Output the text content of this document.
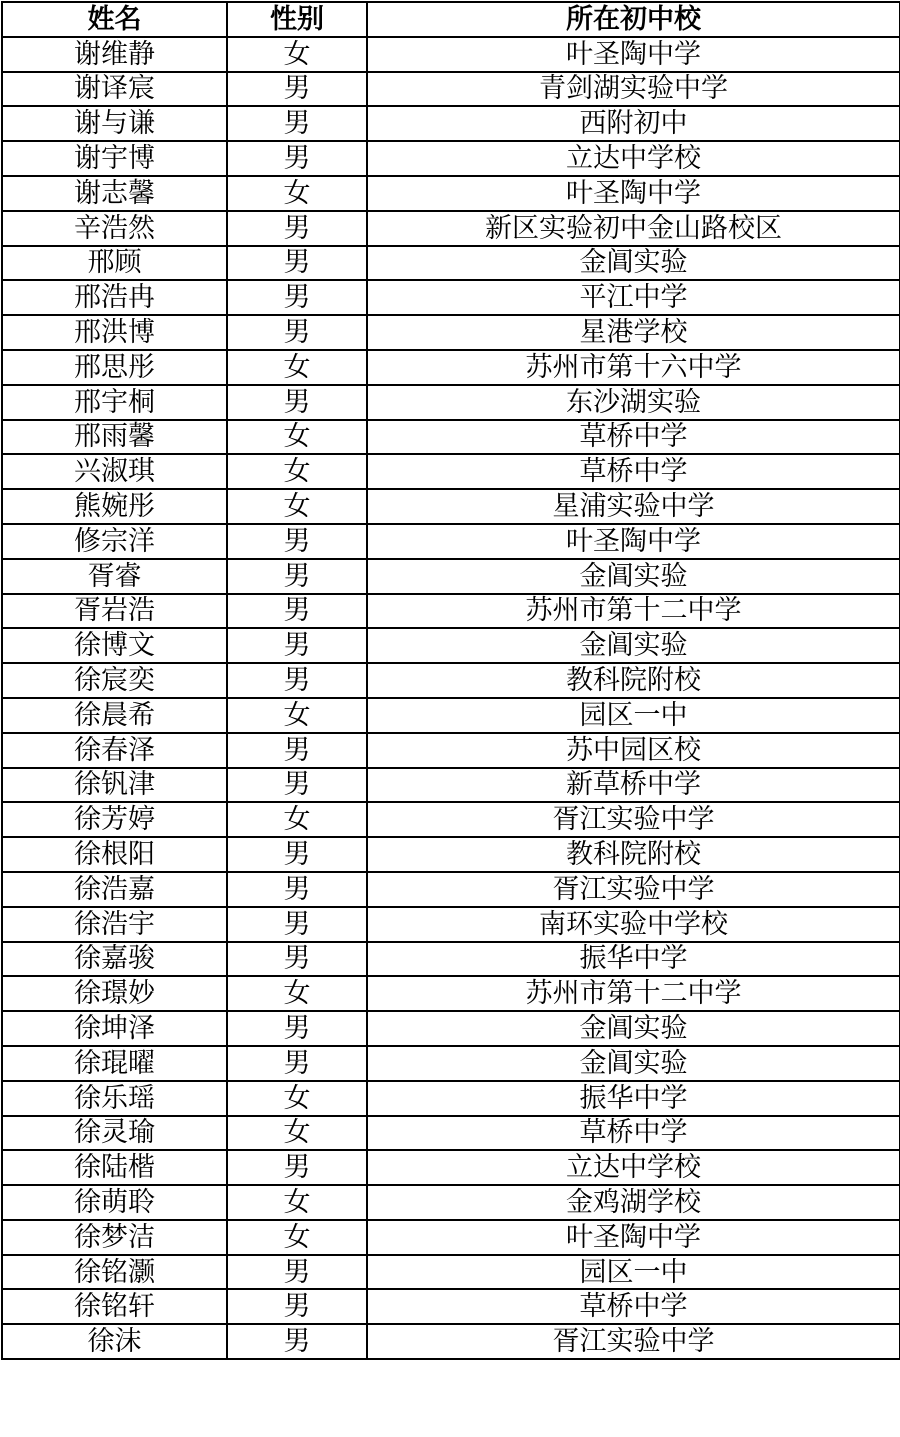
姓名	性别	所在初中校
谢维静	女	叶圣陶中学
谢译宸	男	青剑湖实验中学
谢与谦	男	西附初中
谢宇博	男	立达中学校
谢志馨	女	叶圣陶中学
辛浩然	男	新区实验初中金山路校区
邢顾	男	金阊实验
邢浩冉	男	平江中学
邢洪博	男	星港学校
邢思彤	女	苏州市第十六中学
邢宇桐	男	东沙湖实验
邢雨馨	女	草桥中学
兴淑琪	女	草桥中学
熊婉彤	女	星浦实验中学
修宗洋	男	叶圣陶中学
胥睿	男	金阊实验
胥岩浩	男	苏州市第十二中学
徐博文	男	金阊实验
徐宸奕	男	教科院附校
徐晨希	女	园区一中
徐春泽	男	苏中园区校
徐钒津	男	新草桥中学
徐芳婷	女	胥江实验中学
徐根阳	男	教科院附校
徐浩嘉	男	胥江实验中学
徐浩宇	男	南环实验中学校
徐嘉骏	男	振华中学
徐璟妙	女	苏州市第十二中学
徐坤泽	男	金阊实验
徐琨曜	男	金阊实验
徐乐瑶	女	振华中学
徐灵瑜	女	草桥中学
徐陆楷	男	立达中学校
徐萌聆	女	金鸡湖学校
徐梦洁	女	叶圣陶中学
徐铭灏	男	园区一中
徐铭轩	男	草桥中学
徐沫	男	胥江实验中学
